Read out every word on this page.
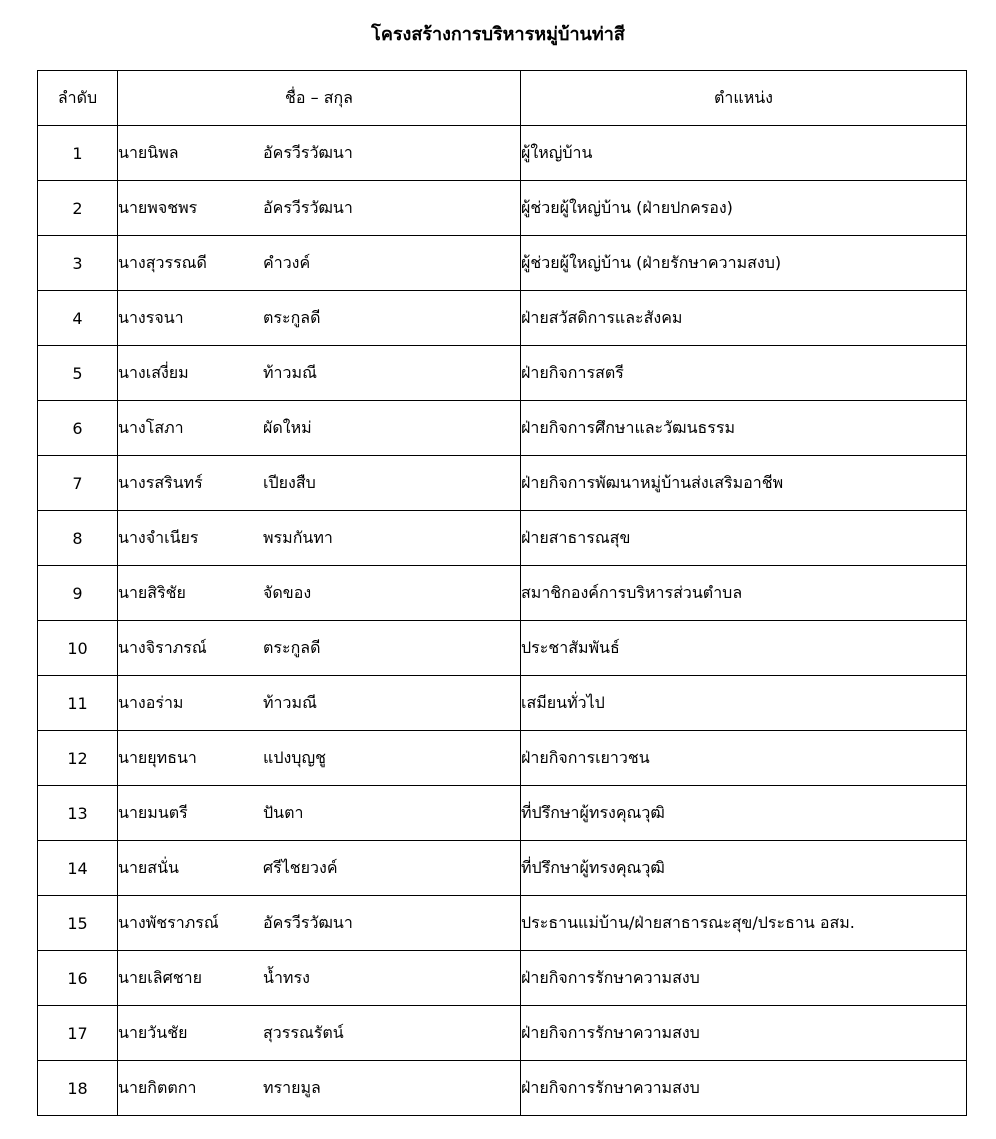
โครงสร้างการบริหารหมู่บ้านท่าสี
ลำดับ	ชื่อ – สกุล	ตำแหน่ง
1	นายนิพล อัครวีรวัฒนา	ผู้ใหญ่บ้าน
2	นายพจชพร อัครวีรวัฒนา	ผู้ช่วยผู้ใหญ่บ้าน (ฝ่ายปกครอง)
3	นางสุวรรณดี คำวงค์	ผู้ช่วยผู้ใหญ่บ้าน (ฝ่ายรักษาความสงบ)
4	นางรจนา ตระกูลดี	ฝ่ายสวัสดิการและสังคม
5	นางเสงี่ยม ท้าวมณี	ฝ่ายกิจการสตรี
6	นางโสภา ผัดใหม่	ฝ่ายกิจการศึกษาและวัฒนธรรม
7	นางรสรินทร์ เปียงสืบ	ฝ่ายกิจการพัฒนาหมู่บ้านส่งเสริมอาชีพ
8	นางจำเนียร พรมกันทา	ฝ่ายสาธารณสุข
9	นายสิริชัย จัดของ	สมาชิกองค์การบริหารส่วนตำบล
10	นางจิราภรณ์ ตระกูลดี	ประชาสัมพันธ์
11	นางอร่าม ท้าวมณี	เสมียนทั่วไป
12	นายยุทธนา แปงบุญชู	ฝ่ายกิจการเยาวชน
13	นายมนตรี ปันตา	ที่ปรึกษาผู้ทรงคุณวุฒิ
14	นายสนั่น ศรีไชยวงค์	ที่ปรึกษาผู้ทรงคุณวุฒิ
15	นางพัชราภรณ์ อัครวีรวัฒนา	ประธานแม่บ้าน/ฝ่ายสาธารณะสุข/ประธาน อสม.
16	นายเลิศชาย น้ำทรง	ฝ่ายกิจการรักษาความสงบ
17	นายวันชัย สุวรรณรัตน์	ฝ่ายกิจการรักษาความสงบ
18	นายกิตตกา ทรายมูล	ฝ่ายกิจการรักษาความสงบ
